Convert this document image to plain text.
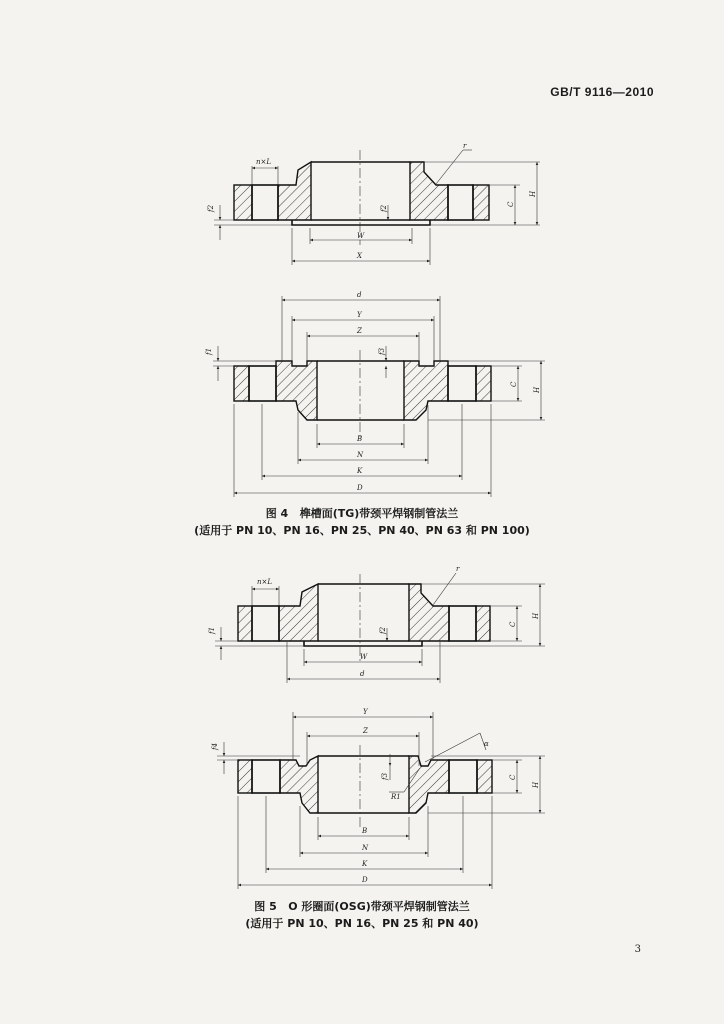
GB/T 9116—2010
n×L
r
f2	f2
C
H
W
X
d
Y
Z
f1	f3
C
H
B
N
K
D
n×L
r
f1	f2
C
H
W
d
Y
Z
f4
f3
R1
α
C
H
B
N
K
D
图 4   榫槽面(TG)带颈平焊钢制管法兰
(适用于 PN 10、PN 16、PN 25、PN 40、PN 63 和 PN 100)
图 5   O 形圈面(OSG)带颈平焊钢制管法兰
(适用于 PN 10、PN 16、PN 25 和 PN 40)
3
